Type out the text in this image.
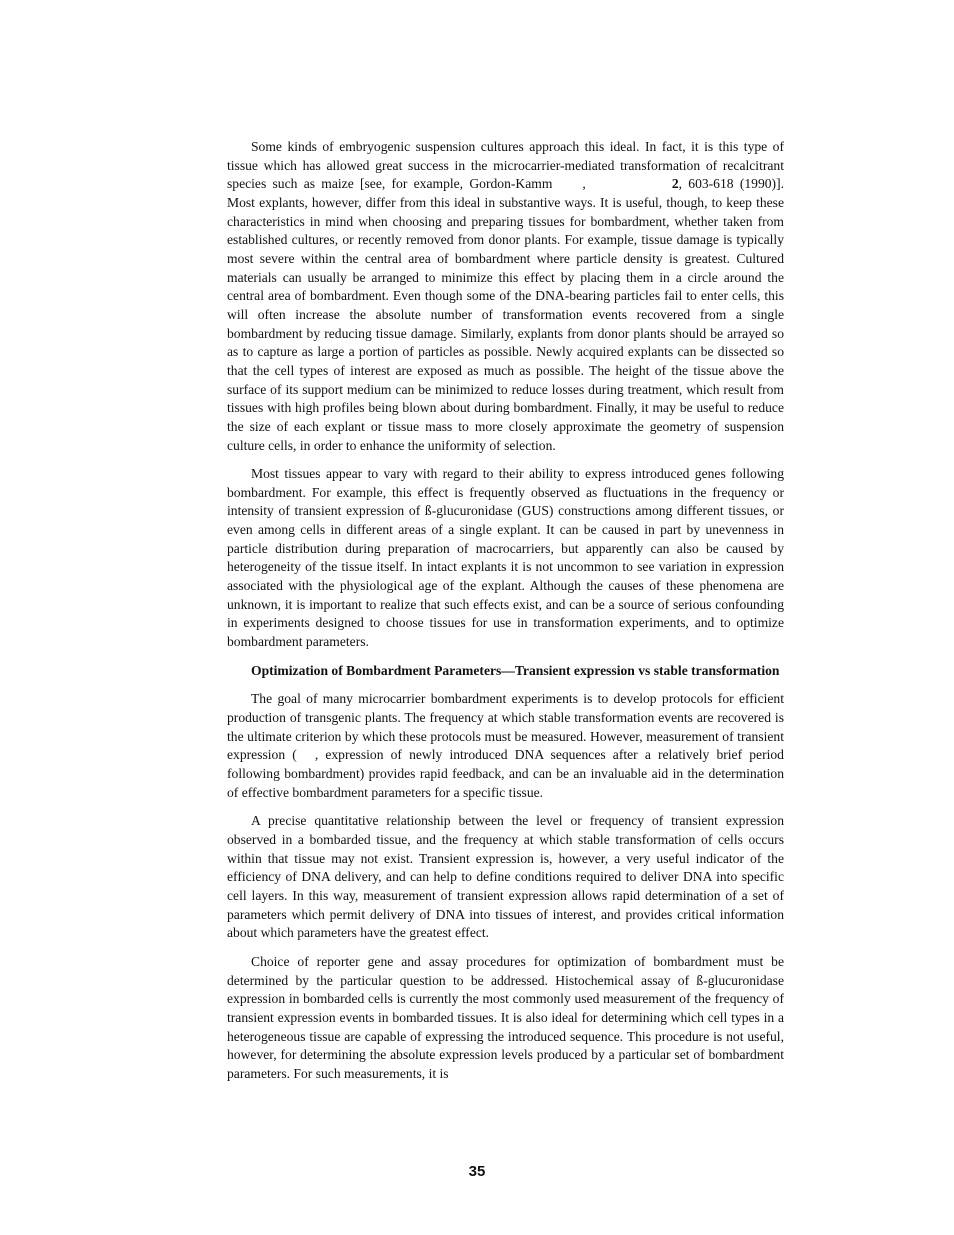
Some kinds of embryogenic suspension cultures approach this ideal. In fact, it is this type of tissue which has allowed great success in the microcarrier-mediated transformation of recalcitrant species such as maize [see, for example, Gordon-Kamm ,	2, 603-618 (1990)]. Most explants, however, differ from this ideal in substantive ways. It is useful, though, to keep these characteristics in mind when choosing and preparing tissues for bombardment, whether taken from established cultures, or recently removed from donor plants. For example, tissue damage is typically most severe within the central area of bombardment where particle density is greatest. Cultured materials can usually be arranged to minimize this effect by placing them in a circle around the central area of bombardment. Even though some of the DNA-bearing particles fail to enter cells, this will often increase the absolute number of transformation events recovered from a single bombardment by reducing tissue damage. Similarly, explants from donor plants should be arrayed so as to capture as large a portion of particles as possible. Newly acquired explants can be dissected so that the cell types of interest are exposed as much as possible. The height of the tissue above the surface of its support medium can be minimized to reduce losses during treatment, which result from tissues with high profiles being blown about during bombardment. Finally, it may be useful to reduce the size of each explant or tissue mass to more closely approximate the geometry of suspension culture cells, in order to enhance the uniformity of selection.

Most tissues appear to vary with regard to their ability to express introduced genes following bombardment. For example, this effect is frequently observed as fluctuations in the frequency or intensity of transient expression of ß-glucuronidase (GUS) constructions among different tissues, or even among cells in different areas of a single explant. It can be caused in part by unevenness in particle distribution during preparation of macrocarriers, but apparently can also be caused by heterogeneity of the tissue itself. In intact explants it is not uncommon to see variation in expression associated with the physiological age of the explant. Although the causes of these phenomena are unknown, it is important to realize that such effects exist, and can be a source of serious confounding in experiments designed to choose tissues for use in transformation experiments, and to optimize bombardment parameters.

Optimization of Bombardment Parameters—Transient expression vs stable transformation

The goal of many microcarrier bombardment experiments is to develop protocols for efficient production of transgenic plants. The frequency at which stable transformation events are recovered is the ultimate criterion by which these protocols must be measured. However, measurement of transient expression ( , expression of newly introduced DNA sequences after a relatively brief period following bombardment) provides rapid feedback, and can be an invaluable aid in the determination of effective bombardment parameters for a specific tissue.

A precise quantitative relationship between the level or frequency of transient expression observed in a bombarded tissue, and the frequency at which stable transformation of cells occurs within that tissue may not exist. Transient expression is, however, a very useful indicator of the efficiency of DNA delivery, and can help to define conditions required to deliver DNA into specific cell layers. In this way, measurement of transient expression allows rapid determination of a set of parameters which permit delivery of DNA into tissues of interest, and provides critical information about which parameters have the greatest effect.

Choice of reporter gene and assay procedures for optimization of bombardment must be determined by the particular question to be addressed. Histochemical assay of ß-glucuronidase expression in bombarded cells is currently the most commonly used measurement of the frequency of transient expression events in bombarded tissues. It is also ideal for determining which cell types in a heterogeneous tissue are capable of expressing the introduced sequence. This procedure is not useful, however, for determining the absolute expression levels produced by a particular set of bombardment parameters. For such measurements, it is

35
